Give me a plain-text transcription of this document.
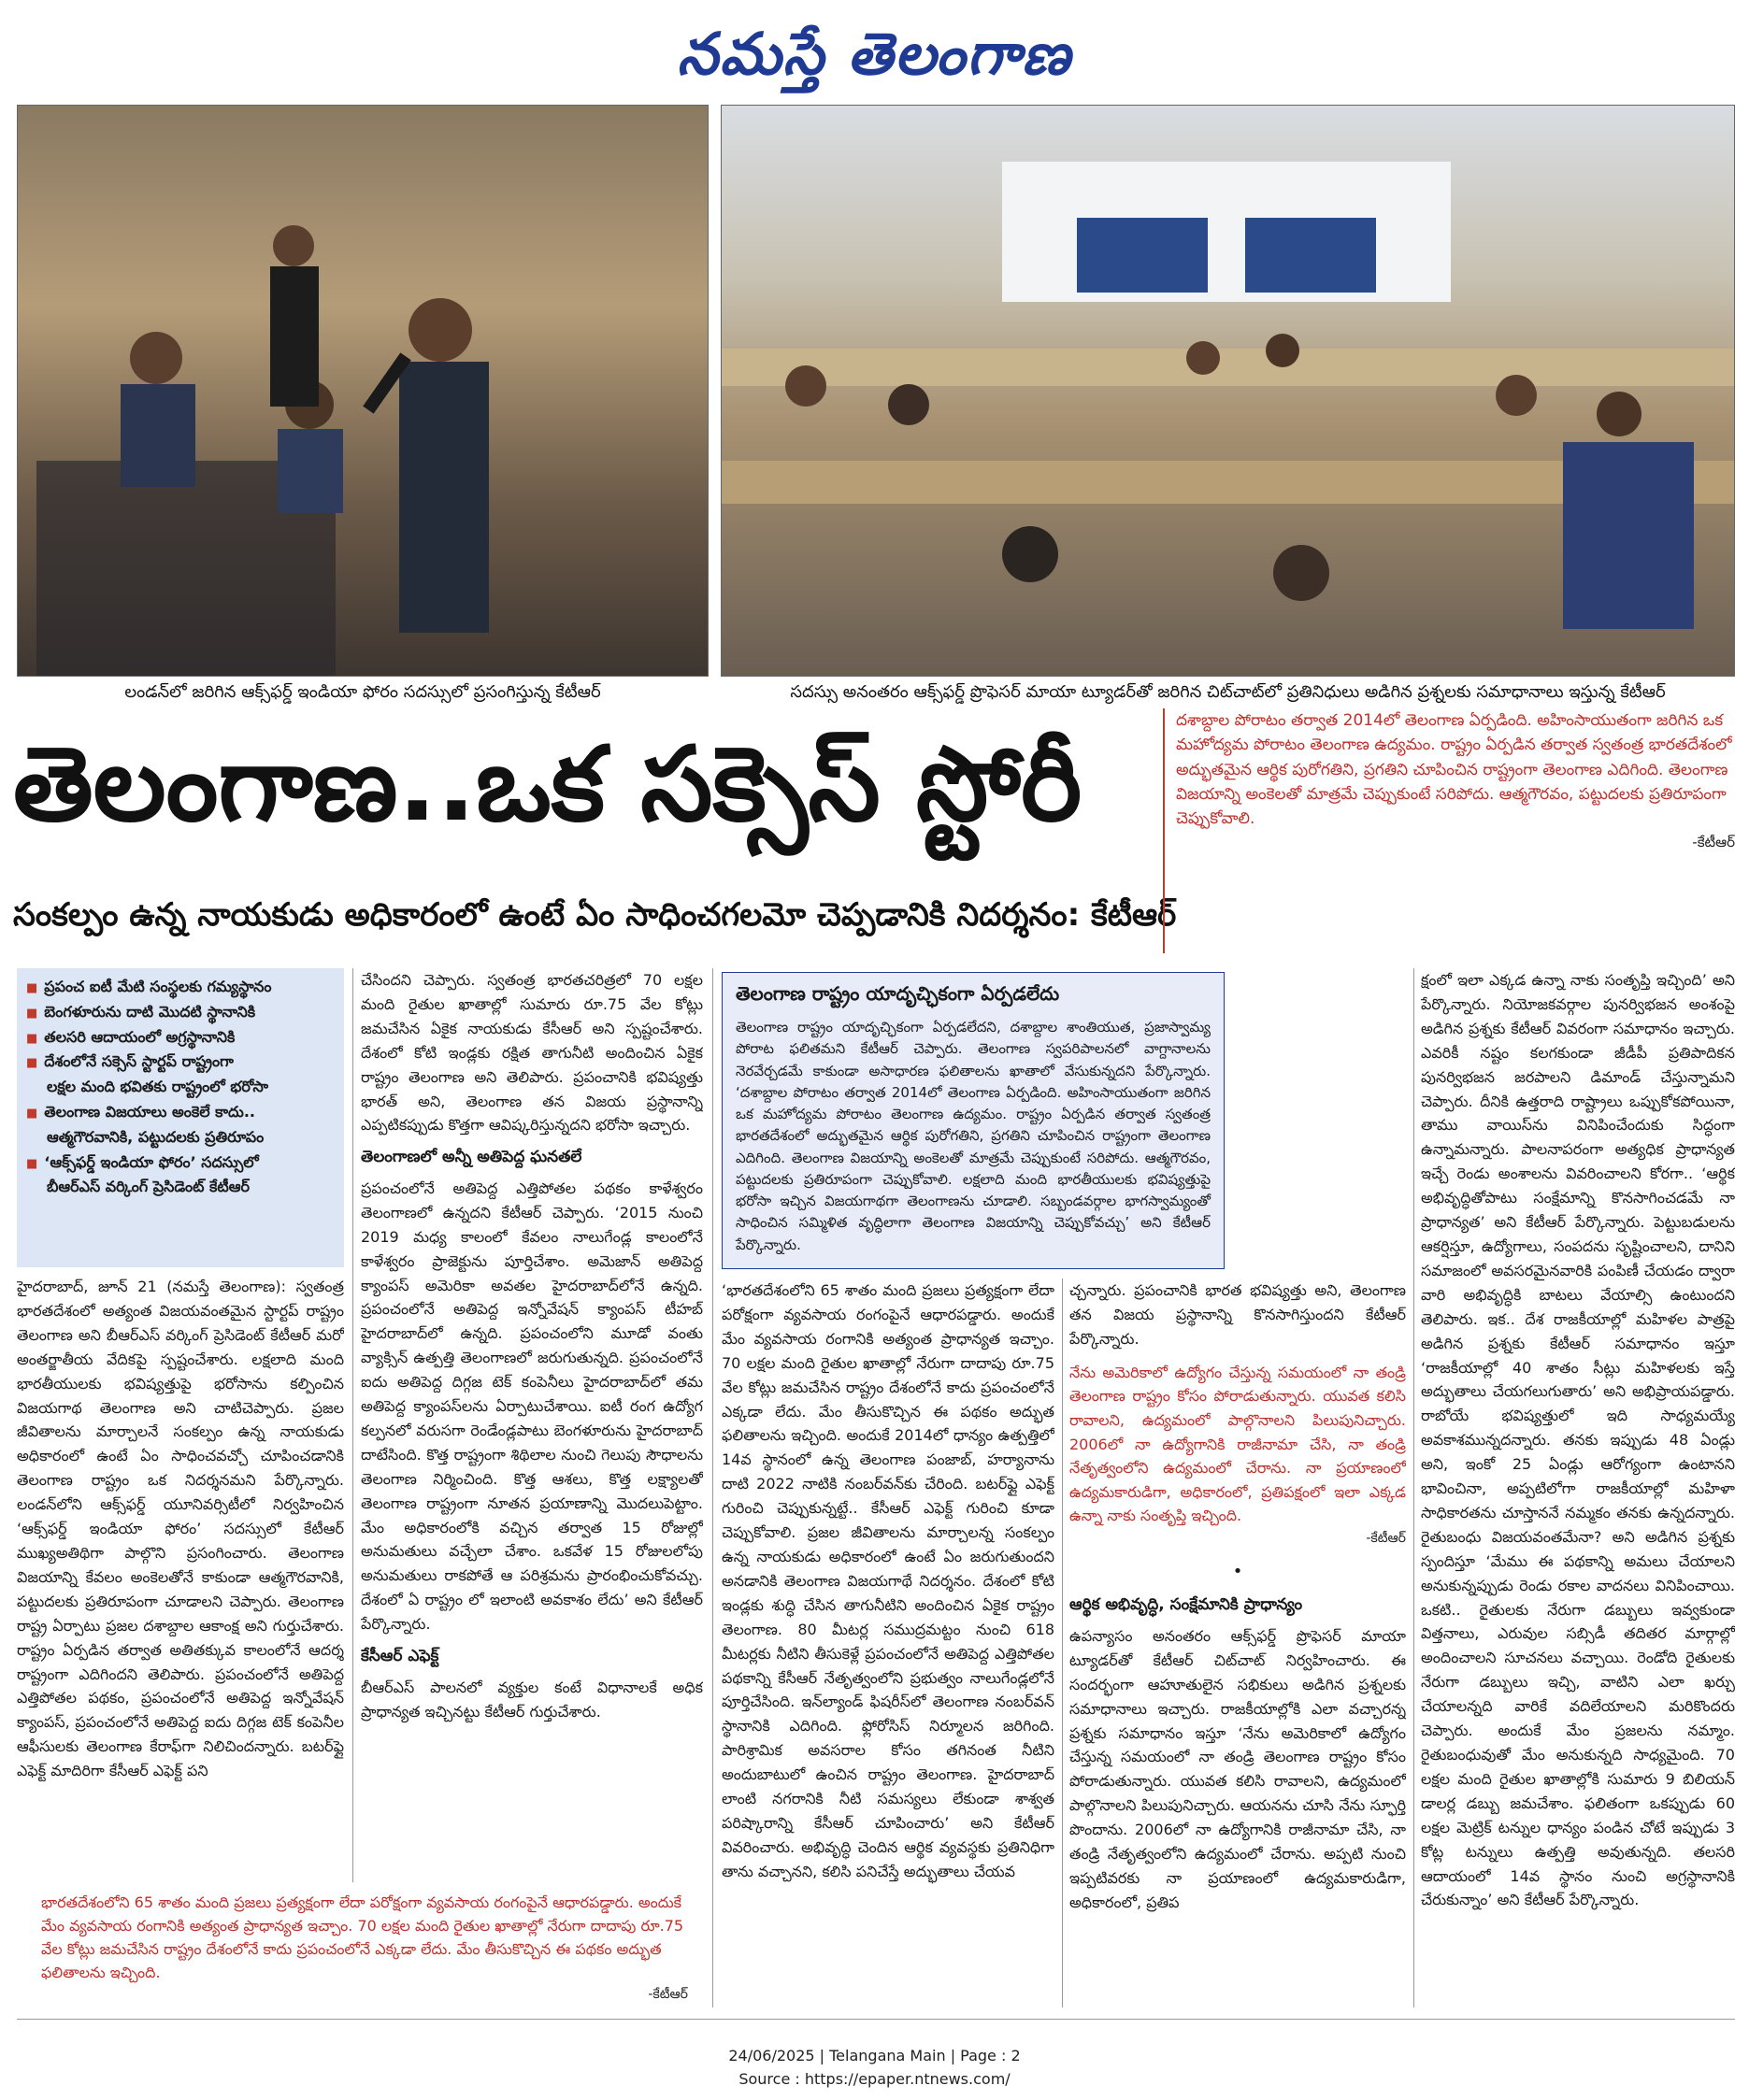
నమస్తే తెలంగాణ
లండన్‌లో జరిగిన ఆక్స్‌ఫర్డ్ ఇండియా ఫోరం సదస్సులో ప్రసంగిస్తున్న కేటీఆర్	సదస్సు అనంతరం ఆక్స్‌ఫర్డ్ ప్రొఫెసర్ మాయా ట్యూడర్‌తో జరిగిన చిట్‌చాట్‌లో ప్రతినిధులు అడిగిన ప్రశ్నలకు సమాధానాలు ఇస్తున్న కేటీఆర్
తెలంగాణ..ఒక సక్సెస్ స్టోరీ
సంకల్పం ఉన్న నాయకుడు అధికారంలో ఉంటే ఏం సాధించగలమో చెప్పడానికి నిదర్శనం: కేటీఆర్
దశాబ్దాల పోరాటం తర్వాత 2014లో తెలంగాణ ఏర్పడింది. అహింసాయుతంగా జరిగిన ఒక మహోద్యమ పోరాటం తెలంగాణ ఉద్యమం. రాష్ట్రం ఏర్పడిన తర్వాత స్వతంత్ర భారతదేశంలో అద్భుతమైన ఆర్థిక పురోగతిని, ప్రగతిని చూపించిన రాష్ట్రంగా తెలంగాణ ఎదిగింది. తెలంగాణ విజయాన్ని అంకెలతో మాత్రమే చెప్పుకుంటే సరిపోదు. ఆత్మగౌరవం, పట్టుదలకు ప్రతిరూపంగా చెప్పుకోవాలి.
-కేటీఆర్
■ ప్రపంచ ఐటీ మేటి సంస్థలకు గమ్యస్థానం
■ బెంగళూరును దాటి మొదటి స్థానానికి
■ తలసరి ఆదాయంలో అగ్రస్థానానికి
■ దేశంలోనే సక్సెస్ స్టార్టప్ రాష్ట్రంగా
లక్షల మంది భవితకు రాష్ట్రంలో భరోసా
■ తెలంగాణ విజయాలు అంకెలే కాదు..
ఆత్మగౌరవానికి, పట్టుదలకు ప్రతిరూపం
■ ‘ఆక్స్‌ఫర్డ్ ఇండియా ఫోరం’ సదస్సులో
బీఆర్‌ఎస్ వర్కింగ్ ప్రెసిడెంట్ కేటీఆర్

హైదరాబాద్, జూన్ 21 (నమస్తే తెలంగాణ): స్వతంత్ర భారతదేశంలో అత్యంత విజయవంతమైన స్టార్టప్ రాష్ట్రం తెలంగాణ అని బీఆర్‌ఎస్ వర్కింగ్ ప్రెసిడెంట్ కేటీఆర్ మరో అంతర్జాతీయ వేదికపై స్పష్టంచేశారు. లక్షలాది మంది భారతీయులకు భవిష్యత్తుపై భరోసాను కల్పించిన విజయగాథ తెలంగాణ అని చాటిచెప్పారు. ప్రజల జీవితాలను మార్చాలనే సంకల్పం ఉన్న నాయకుడు అధికారంలో ఉంటే ఏం సాధించవచ్చో చూపించడానికి తెలంగాణ రాష్ట్రం ఒక నిదర్శనమని పేర్కొన్నారు. లండన్‌లోని ఆక్స్‌ఫర్డ్ యూనివర్సిటీలో నిర్వహించిన ‘ఆక్స్‌ఫర్డ్ ఇండియా ఫోరం’ సదస్సులో కేటీఆర్ ముఖ్యఅతిథిగా పాల్గొని ప్రసంగించారు. తెలంగాణ విజయాన్ని కేవలం అంకెలతోనే కాకుండా ఆత్మగౌరవానికి, పట్టుదలకు ప్రతిరూపంగా చూడాలని చెప్పారు. తెలంగాణ రాష్ట్ర ఏర్పాటు ప్రజల దశాబ్దాల ఆకాంక్ష అని గుర్తుచేశారు. రాష్ట్రం ఏర్పడిన తర్వాత అతితక్కువ కాలంలోనే ఆదర్శ రాష్ట్రంగా ఎదిగిందని తెలిపారు. ప్రపంచంలోనే అతిపెద్ద ఎత్తిపోతల పథకం, ప్రపంచంలోనే అతిపెద్ద ఇన్నోవేషన్ క్యాంపస్, ప్రపంచంలోనే అతిపెద్ద ఐదు దిగ్గజ టెక్ కంపెనీల ఆఫీసులకు తెలంగాణ కేరాఫ్‌గా నిలిచిందన్నారు. బటర్‌ఫ్లై ఎఫెక్ట్ మాదిరిగా కేసీఆర్ ఎఫెక్ట్ పని

చేసిందని చెప్పారు. స్వతంత్ర భారతచరిత్రలో 70 లక్షల మంది రైతుల ఖాతాల్లో సుమారు రూ.75 వేల కోట్లు జమచేసిన ఏకైక నాయకుడు కేసీఆర్ అని స్పష్టంచేశారు. దేశంలో కోటి ఇండ్లకు రక్షిత తాగునీటి అందించిన ఏకైక రాష్ట్రం తెలంగాణ అని తెలిపారు. ప్రపంచానికి భవిష్యత్తు భారత్ అని, తెలంగాణ తన విజయ ప్రస్థానాన్ని ఎప్పటికప్పుడు కొత్తగా ఆవిష్కరిస్తున్నదని భరోసా ఇచ్చారు.

తెలంగాణలో అన్నీ అతిపెద్ద ఘనతలే

ప్రపంచంలోనే అతిపెద్ద ఎత్తిపోతల పథకం కాళేశ్వరం తెలంగాణలో ఉన్నదని కేటీఆర్ చెప్పారు. ‘2015 నుంచి 2019 మధ్య కాలంలో కేవలం నాలుగేండ్ల కాలంలోనే కాళేశ్వరం ప్రాజెక్టును పూర్తిచేశాం. అమెజాన్ అతిపెద్ద క్యాంపస్ అమెరికా అవతల హైదరాబాద్‌లోనే ఉన్నది. ప్రపంచంలోనే అతిపెద్ద ఇన్నోవేషన్ క్యాంపస్ టీహబ్ హైదరాబాద్‌లో ఉన్నది. ప్రపంచంలోని మూడో వంతు వ్యాక్సిన్ ఉత్పత్తి తెలంగాణలో జరుగుతున్నది. ప్రపంచంలోనే ఐదు అతిపెద్ద దిగ్గజ టెక్ కంపెనీలు హైదరాబాద్‌లో తమ అతిపెద్ద క్యాంపస్‌లను ఏర్పాటుచేశాయి. ఐటీ రంగ ఉద్యోగ కల్పనలో వరుసగా రెండేండ్లపాటు బెంగళూరును హైదరాబాద్ దాటేసింది. కొత్త రాష్ట్రంగా శిథిలాల నుంచి గెలుపు సౌధాలను తెలంగాణ నిర్మించింది. కొత్త ఆశలు, కొత్త లక్ష్యాలతో తెలంగాణ రాష్ట్రంగా నూతన ప్రయాణాన్ని మొదలుపెట్టాం. మేం అధికారంలోకి వచ్చిన తర్వాత 15 రోజుల్లో అనుమతులు వచ్చేలా చేశాం. ఒకవేళ 15 రోజులలోపు అనుమతులు రాకపోతే ఆ పరిశ్రమను ప్రారంభించుకోవచ్చు. దేశంలో ఏ రాష్ట్రం లో ఇలాంటి అవకాశం లేదు’ అని కేటీఆర్ పేర్కొన్నారు.

కేసీఆర్ ఎఫెక్ట్

బీఆర్‌ఎస్ పాలనలో వ్యక్తుల కంటే విధానాలకే అధిక ప్రాధాన్యత ఇచ్చినట్టు కేటీఆర్ గుర్తుచేశారు.

తెలంగాణ రాష్ట్రం యాదృచ్ఛికంగా ఏర్పడలేదు

తెలంగాణ రాష్ట్రం యాదృచ్ఛికంగా ఏర్పడలేదని, దశాబ్దాల శాంతియుత, ప్రజాస్వామ్య పోరాట ఫలితమని కేటీఆర్ చెప్పారు. తెలంగాణ స్వపరిపాలనలో వాగ్దానాలను నెరవేర్చడమే కాకుండా అసాధారణ ఫలితాలను ఖాతాలో వేసుకున్నదని పేర్కొన్నారు. ‘దశాబ్దాల పోరాటం తర్వాత 2014లో తెలంగాణ ఏర్పడింది. అహింసాయుతంగా జరిగిన ఒక మహోద్యమ పోరాటం తెలంగాణ ఉద్యమం. రాష్ట్రం ఏర్పడిన తర్వాత స్వతంత్ర భారతదేశంలో అద్భుతమైన ఆర్థిక పురోగతిని, ప్రగతిని చూపించిన రాష్ట్రంగా తెలంగాణ ఎదిగింది. తెలంగాణ విజయాన్ని అంకెలతో మాత్రమే చెప్పుకుంటే సరిపోదు. ఆత్మగౌరవం, పట్టుదలకు ప్రతిరూపంగా చెప్పుకోవాలి. లక్షలాది మంది భారతీయులకు భవిష్యత్తుపై భరోసా ఇచ్చిన విజయగాథగా తెలంగాణను చూడాలి. సబ్బండవర్గాల భాగస్వామ్యంతో సాధించిన సమ్మిళిత వృద్ధిలాగా తెలంగాణ విజయాన్ని చెప్పుకోవచ్చు’ అని కేటీఆర్ పేర్కొన్నారు.

‘భారతదేశంలోని 65 శాతం మంది ప్రజలు ప్రత్యక్షంగా లేదా పరోక్షంగా వ్యవసాయ రంగంపైనే ఆధారపడ్డారు. అందుకే మేం వ్యవసాయ రంగానికి అత్యంత ప్రాధాన్యత ఇచ్చాం. 70 లక్షల మంది రైతుల ఖాతాల్లో నేరుగా దాదాపు రూ.75 వేల కోట్లు జమచేసిన రాష్ట్రం దేశంలోనే కాదు ప్రపంచంలోనే ఎక్కడా లేదు. మేం తీసుకొచ్చిన ఈ పథకం అద్భుత ఫలితాలను ఇచ్చింది. అందుకే 2014లో ధాన్యం ఉత్పత్తిలో 14వ స్థానంలో ఉన్న తెలంగాణ పంజాబ్, హర్యానాను దాటి 2022 నాటికి నంబర్‌వన్‌కు చేరింది. బటర్‌ఫ్లై ఎఫెక్ట్ గురించి చెప్పుకున్నట్టే.. కేసీఆర్ ఎఫెక్ట్ గురించి కూడా చెప్పుకోవాలి. ప్రజల జీవితాలను మార్చాలన్న సంకల్పం ఉన్న నాయకుడు అధికారంలో ఉంటే ఏం జరుగుతుందని అనడానికి తెలంగాణ విజయగాథే నిదర్శనం. దేశంలో కోటి ఇండ్లకు శుద్ధి చేసిన తాగునీటిని అందించిన ఏకైక రాష్ట్రం తెలంగాణ. 80 మీటర్ల సముద్రమట్టం నుంచి 618 మీటర్లకు నీటిని తీసుకెళ్లే ప్రపంచంలోనే అతిపెద్ద ఎత్తిపోతల పథకాన్ని కేసీఆర్ నేతృత్వంలోని ప్రభుత్వం నాలుగేండ్లలోనే పూర్తిచేసింది. ఇన్‌ల్యాండ్ ఫిషరీస్‌లో తెలంగాణ నంబర్‌వన్ స్థానానికి ఎదిగింది. ఫ్లోరోసిస్ నిర్మూలన జరిగింది. పారిశ్రామిక అవసరాల కోసం తగినంత నీటిని అందుబాటులో ఉంచిన రాష్ట్రం తెలంగాణ. హైదరాబాద్ లాంటి నగరానికి నీటి సమస్యలు లేకుండా శాశ్వత పరిష్కారాన్ని కేసీఆర్ చూపించారు’ అని కేటీఆర్ వివరించారు. అభివృద్ధి చెందిన ఆర్థిక వ్యవస్థకు ప్రతినిధిగా తాను వచ్చానని, కలిసి పనిచేస్తే అద్భుతాలు చేయవ

చ్చన్నారు. ప్రపంచానికి భారత భవిష్యత్తు అని, తెలంగాణ తన విజయ ప్రస్థానాన్ని కొనసాగిస్తుందని కేటీఆర్ పేర్కొన్నారు.

నేను అమెరికాలో ఉద్యోగం చేస్తున్న సమయంలో నా తండ్రి తెలంగాణ రాష్ట్రం కోసం పోరాడుతున్నారు. యువత కలిసి రావాలని, ఉద్యమంలో పాల్గొనాలని పిలుపునిచ్చారు. 2006లో నా ఉద్యోగానికి రాజీనామా చేసి, నా తండ్రి నేతృత్వంలోని ఉద్యమంలో చేరాను. నా ప్రయాణంలో ఉద్యమకారుడిగా, అధికారంలో, ప్రతిపక్షంలో ఇలా ఎక్కడ ఉన్నా నాకు సంతృప్తి ఇచ్చింది.
-కేటీఆర్
•
ఆర్థిక అభివృద్ధి, సంక్షేమానికి ప్రాధాన్యం

ఉపన్యాసం అనంతరం ఆక్స్‌ఫర్డ్ ప్రొఫెసర్ మాయా ట్యూడర్‌తో కేటీఆర్ చిట్‌చాట్ నిర్వహించారు. ఈ సందర్భంగా ఆహూతులైన సభికులు అడిగిన ప్రశ్నలకు సమాధానాలు ఇచ్చారు. రాజకీయాల్లోకి ఎలా వచ్చారన్న ప్రశ్నకు సమాధానం ఇస్తూ ‘నేను అమెరికాలో ఉద్యోగం చేస్తున్న సమయంలో నా తండ్రి తెలంగాణ రాష్ట్రం కోసం పోరాడుతున్నారు. యువత కలిసి రావాలని, ఉద్యమంలో పాల్గొనాలని పిలుపునిచ్చారు. ఆయనను చూసి నేను స్ఫూర్తి పొందాను. 2006లో నా ఉద్యోగానికి రాజీనామా చేసి, నా తండ్రి నేతృత్వంలోని ఉద్యమంలో చేరాను. అప్పటి నుంచి ఇప్పటివరకు నా ప్రయాణంలో ఉద్యమకారుడిగా, అధికారంలో, ప్రతిప

క్షంలో ఇలా ఎక్కడ ఉన్నా నాకు సంతృప్తి ఇచ్చింది’ అని పేర్కొన్నారు. నియోజకవర్గాల పునర్విభజన అంశంపై అడిగిన ప్రశ్నకు కేటీఆర్ వివరంగా సమాధానం ఇచ్చారు. ఎవరికీ నష్టం కలగకుండా జీడీపీ ప్రతిపాదికన పునర్విభజన జరపాలని డిమాండ్ చేస్తున్నామని చెప్పారు. దీనికి ఉత్తరాది రాష్ట్రాలు ఒప్పుకోకపోయినా, తాము వాయిస్‌ను వినిపించేందుకు సిద్ధంగా ఉన్నామన్నారు. పాలనాపరంగా అత్యధిక ప్రాధాన్యత ఇచ్చే రెండు అంశాలను వివరించాలని కోరగా.. ‘ఆర్థిక అభివృద్ధితోపాటు సంక్షేమాన్ని కొనసాగించడమే నా ప్రాధాన్యత’ అని కేటీఆర్ పేర్కొన్నారు. పెట్టుబడులను ఆకర్షిస్తూ, ఉద్యోగాలు, సంపదను సృష్టించాలని, దానిని సమాజంలో అవసరమైనవారికి పంపిణీ చేయడం ద్వారా వారి అభివృద్ధికి బాటలు వేయాల్సి ఉంటుందని తెలిపారు. ఇక.. దేశ రాజకీయాల్లో మహిళల పాత్రపై అడిగిన ప్రశ్నకు కేటీఆర్ సమాధానం ఇస్తూ ‘రాజకీయాల్లో 40 శాతం సీట్లు మహిళలకు ఇస్తే అద్భుతాలు చేయగలుగుతారు’ అని అభిప్రాయపడ్డారు. రాబోయే భవిష్యత్తులో ఇది సాధ్యమయ్యే అవకాశమున్నదన్నారు. తనకు ఇప్పుడు 48 ఏండ్లు అని, ఇంకో 25 ఏండ్లు ఆరోగ్యంగా ఉంటానని భావించినా, అప్పటిలోగా రాజకీయాల్లో మహిళా సాధికారతను చూస్తాననే నమ్మకం తనకు ఉన్నదన్నారు. రైతుబంధు విజయవంతమేనా? అని అడిగిన ప్రశ్నకు స్పందిస్తూ ‘మేము ఈ పథకాన్ని అమలు చేయాలని అనుకున్నప్పుడు రెండు రకాల వాదనలు వినిపించాయి. ఒకటి.. రైతులకు నేరుగా డబ్బులు ఇవ్వకుండా విత్తనాలు, ఎరువుల సబ్సిడీ తదితర మార్గాల్లో అందించాలని సూచనలు వచ్చాయి. రెండోది రైతులకు నేరుగా డబ్బులు ఇచ్చి, వాటిని ఎలా ఖర్చు చేయాలన్నది వారికే వదిలేయాలని మరికొందరు చెప్పారు. అందుకే మేం ప్రజలను నమ్మాం. రైతుబంధువుతో మేం అనుకున్నది సాధ్యమైంది. 70 లక్షల మంది రైతుల ఖాతాల్లోకి సుమారు 9 బిలియన్ డాలర్ల డబ్బు జమచేశాం. ఫలితంగా ఒకప్పుడు 60 లక్షల మెట్రిక్ టన్నుల ధాన్యం పండిన చోటే ఇప్పుడు 3 కోట్ల టన్నులు ఉత్పత్తి అవుతున్నది. తలసరి ఆదాయంలో 14వ స్థానం నుంచి అగ్రస్థానానికి చేరుకున్నాం’ అని కేటీఆర్ పేర్కొన్నారు.

భారతదేశంలోని 65 శాతం మంది ప్రజలు ప్రత్యక్షంగా లేదా పరోక్షంగా వ్యవసాయ రంగంపైనే ఆధారపడ్డారు. అందుకే మేం వ్యవసాయ రంగానికి అత్యంత ప్రాధాన్యత ఇచ్చాం. 70 లక్షల మంది రైతుల ఖాతాల్లో నేరుగా దాదాపు రూ.75 వేల కోట్లు జమచేసిన రాష్ట్రం దేశంలోనే కాదు ప్రపంచంలోనే ఎక్కడా లేదు. మేం తీసుకొచ్చిన ఈ పథకం అద్భుత ఫలితాలను ఇచ్చింది.
-కేటీఆర్
24/06/2025 | Telangana Main | Page : 2
Source : https://epaper.ntnews.com/
